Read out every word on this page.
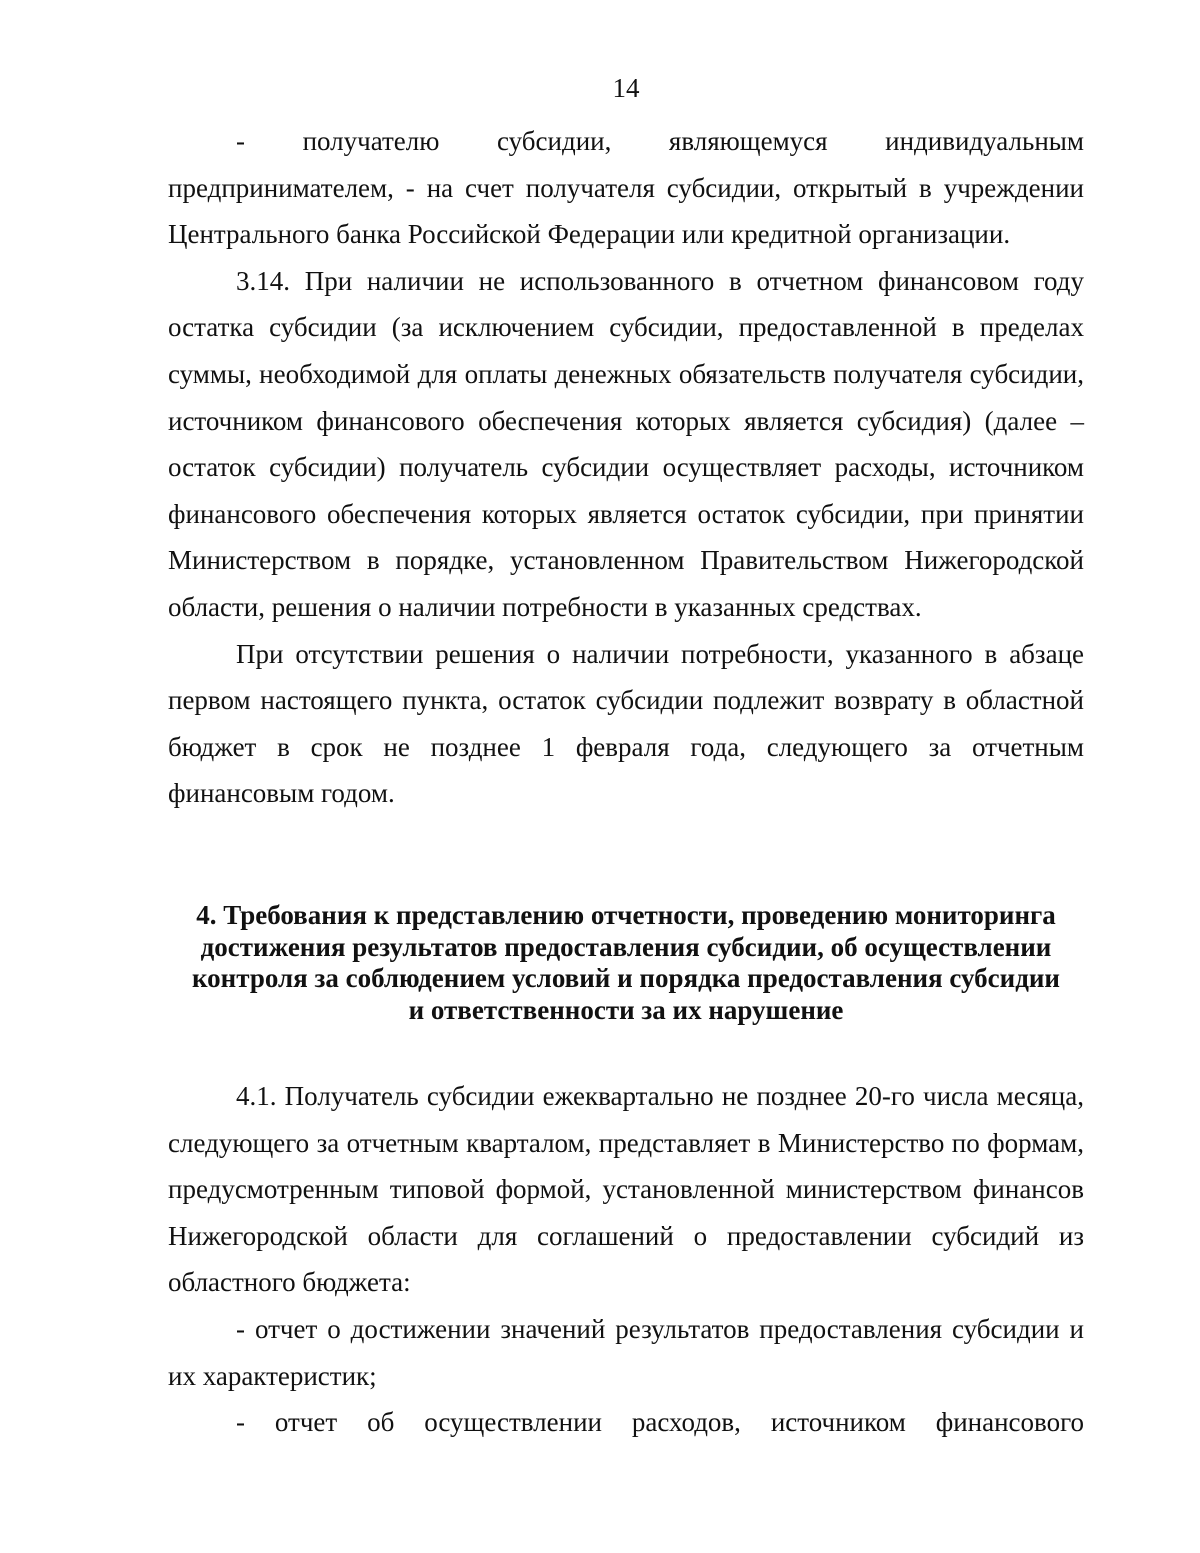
14

- получателю субсидии, являющемуся индивидуальным предпринимателем, - на счет получателя субсидии, открытый в учреждении Центрального банка Российской Федерации или кредитной организации.

3.14. При наличии не использованного в отчетном финансовом году остатка субсидии (за исключением субсидии, предоставленной в пределах суммы, необходимой для оплаты денежных обязательств получателя субсидии, источником финансового обеспечения которых является субсидия) (далее – остаток субсидии) получатель субсидии осуществляет расходы, источником финансового обеспечения которых является остаток субсидии, при принятии Министерством в порядке, установленном Правительством Нижегородской области, решения о наличии потребности в указанных средствах.

При отсутствии решения о наличии потребности, указанного в абзаце первом настоящего пункта, остаток субсидии подлежит возврату в областной бюджет в срок не позднее 1 февраля года, следующего за отчетным финансовым годом.

4. Требования к представлению отчетности, проведению мониторинга
достижения результатов предоставления субсидии, об осуществлении
контроля за соблюдением условий и порядка предоставления субсидии
и ответственности за их нарушение

4.1. Получатель субсидии ежеквартально не позднее 20-го числа месяца, следующего за отчетным кварталом, представляет в Министерство по формам, предусмотренным типовой формой, установленной министерством финансов Нижегородской области для соглашений о предоставлении субсидий из областного бюджета:

- отчет о достижении значений результатов предоставления субсидии и их характеристик;

- отчет об осуществлении расходов, источником финансового
